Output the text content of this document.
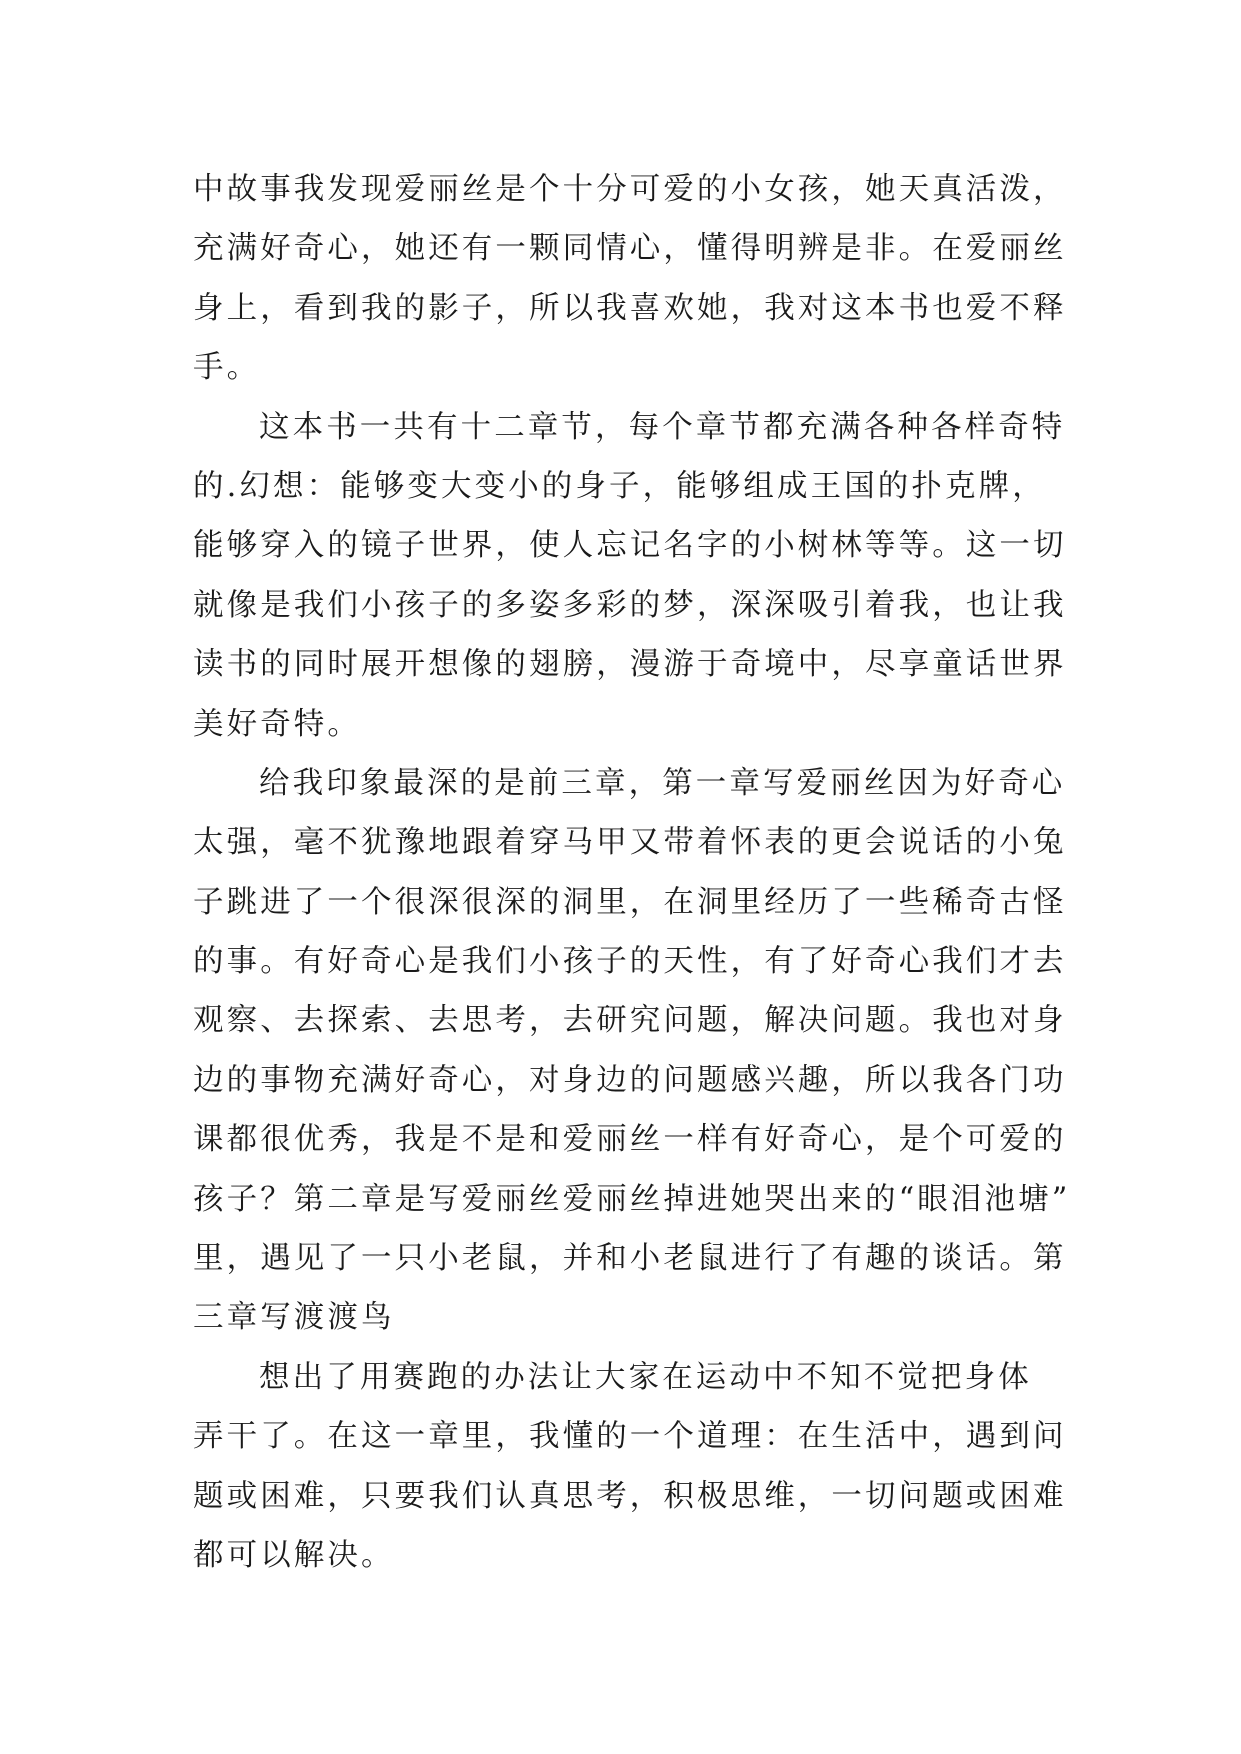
中故事我发现爱丽丝是个十分可爱的小女孩，她天真活泼，
充满好奇心，她还有一颗同情心，懂得明辨是非。在爱丽丝
身上，看到我的影子，所以我喜欢她，我对这本书也爱不释
手。
这本书一共有十二章节，每个章节都充满各种各样奇特
的.幻想：能够变大变小的身子，能够组成王国的扑克牌，
能够穿入的镜子世界，使人忘记名字的小树林等等。这一切
就像是我们小孩子的多姿多彩的梦，深深吸引着我，也让我
读书的同时展开想像的翅膀，漫游于奇境中，尽享童话世界
美好奇特。
给我印象最深的是前三章，第一章写爱丽丝因为好奇心
太强，毫不犹豫地跟着穿马甲又带着怀表的更会说话的小兔
子跳进了一个很深很深的洞里，在洞里经历了一些稀奇古怪
的事。有好奇心是我们小孩子的天性，有了好奇心我们才去
观察、去探索、去思考，去研究问题，解决问题。我也对身
边的事物充满好奇心，对身边的问题感兴趣，所以我各门功
课都很优秀，我是不是和爱丽丝一样有好奇心，是个可爱的
孩子？第二章是写爱丽丝爱丽丝掉进她哭出来的“眼泪池塘”
里，遇见了一只小老鼠，并和小老鼠进行了有趣的谈话。第
三章写渡渡鸟
想出了用赛跑的办法让大家在运动中不知不觉把身体
弄干了。在这一章里，我懂的一个道理：在生活中，遇到问
题或困难，只要我们认真思考，积极思维，一切问题或困难
都可以解决。
